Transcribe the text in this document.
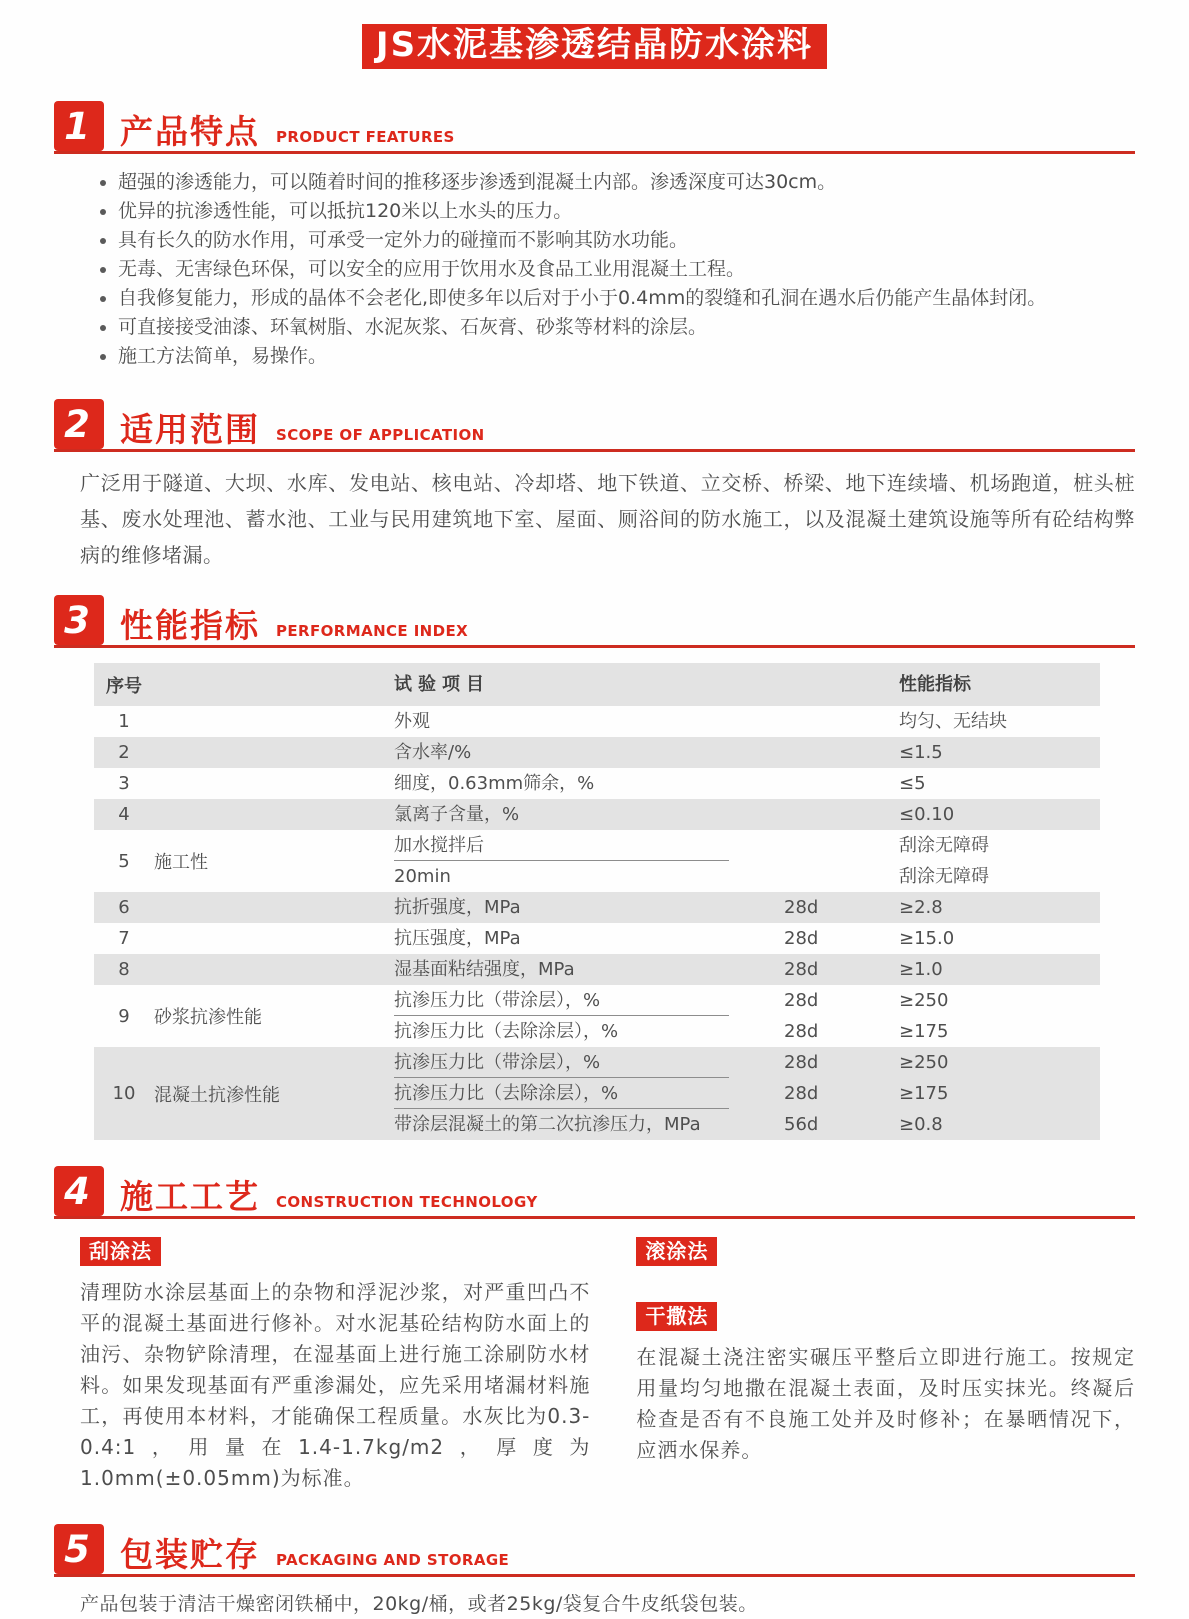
JS水泥基渗透结晶防水涂料
1 产品特点 PRODUCT FEATURES
超强的渗透能力，可以随着时间的推移逐步渗透到混凝土内部。渗透深度可达30cm。
优异的抗渗透性能，可以抵抗120米以上水头的压力。
具有长久的防水作用，可承受一定外力的碰撞而不影响其防水功能。
无毒、无害绿色环保，可以安全的应用于饮用水及食品工业用混凝土工程。
自我修复能力，形成的晶体不会老化,即使多年以后对于小于0.4mm的裂缝和孔洞在遇水后仍能产生晶体封闭。
可直接接受油漆、环氧树脂、水泥灰浆、石灰膏、砂浆等材料的涂层。
施工方法简单，易操作。
2 适用范围 SCOPE OF APPLICATION

广泛用于隧道、大坝、水库、发电站、核电站、冷却塔、地下铁道、立交桥、桥梁、地下连续墙、机场跑道，桩头桩基、废水处理池、蓄水池、工业与民用建筑地下室、屋面、厕浴间的防水施工，以及混凝土建筑设施等所有砼结构弊病的维修堵漏。

3 性能指标 PERFORMANCE INDEX
序号	试验项目	性能指标
1	外观	均匀、无结块
2	含水率/%	≤1.5
3	细度，0.63mm筛余，%	≤5
4	氯离子含量，%	≤0.10
5	施工性
加水搅拌后	刮涂无障碍
20min	刮涂无障碍
6	抗折强度，MPa	28d	≥2.8
7	抗压强度，MPa	28d	≥15.0
8	湿基面粘结强度，MPa	28d	≥1.0
9	砂浆抗渗性能
抗渗压力比（带涂层），%	28d	≥250
抗渗压力比（去除涂层），%	28d	≥175
10	混凝土抗渗性能
抗渗压力比（带涂层），%	28d	≥250
抗渗压力比（去除涂层），%	28d	≥175
带涂层混凝土的第二次抗渗压力，MPa	56d	≥0.8
4 施工工艺 CONSTRUCTION TECHNOLOGY
刮涂法

清理防水涂层基面上的杂物和浮泥沙浆，对严重凹凸不平的混凝土基面进行修补。对水泥基砼结构防水面上的油污、杂物铲除清理，在湿基面上进行施工涂刷防水材料。如果发现基面有严重渗漏处，应先采用堵漏材料施工，再使用本材料，才能确保工程质量。水灰比为0.3-0.4:1，用量在1.4-1.7kg/m2，厚度为1.0mm(±0.05mm)为标准。

滚涂法
干撒法

在混凝土浇注密实碾压平整后立即进行施工。按规定用量均匀地撒在混凝土表面，及时压实抹光。终凝后检查是否有不良施工处并及时修补；在暴晒情况下，应洒水保养。

5 包装贮存 PACKAGING AND STORAGE

产品包装于清洁干燥密闭铁桶中，20kg/桶，或者25kg/袋复合牛皮纸袋包装。
